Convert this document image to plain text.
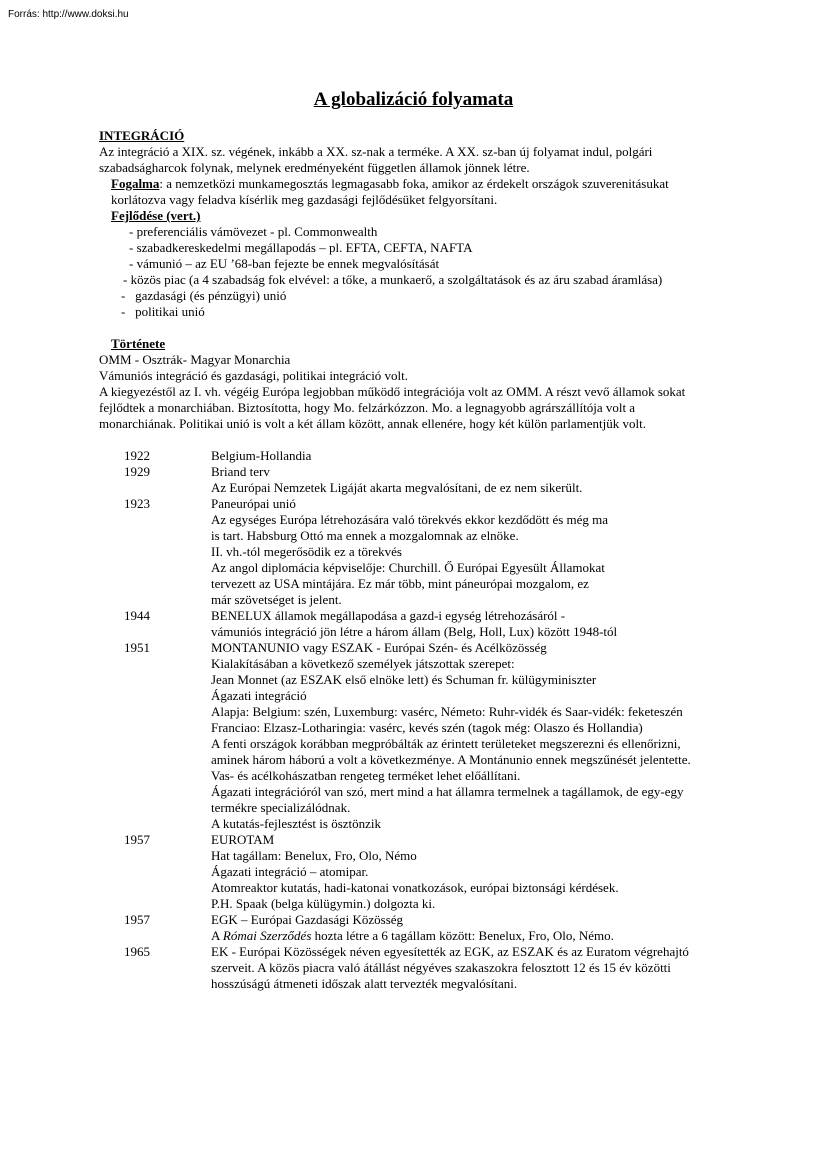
Forrás: http://www.doksi.hu
A globalizáció folyamata
INTEGRÁCIÓ
Az integráció a XIX. sz. végének, inkább a XX. sz-nak a terméke. A XX. sz-ban új folyamat indul, polgári
szabadságharcok folynak, melynek eredményeként független államok jönnek létre.
Fogalma: a nemzetközi munkamegosztás legmagasabb foka, amikor az érdekelt országok szuverenitásukat
korlátozva vagy feladva kísérlik meg gazdasági fejlődésüket felgyorsítani.
Fejlődése (vert.)
- preferenciális vámövezet - pl. Commonwealth
- szabadkereskedelmi megállapodás – pl. EFTA, CEFTA, NAFTA
- vámunió – az EU ’68-ban fejezte be ennek megvalósítását
- közös piac (a 4 szabadság fok elvével: a tőke, a munkaerő, a szolgáltatások és az áru szabad áramlása)
-   gazdasági (és pénzügyi) unió
-   politikai unió
Története
OMM - Osztrák- Magyar Monarchia
Vámuniós integráció és gazdasági, politikai integráció volt.
A kiegyezéstől az I. vh. végéig Európa legjobban működő integrációja volt az OMM. A részt vevő államok sokat
fejlődtek a monarchiában. Biztosította, hogy Mo. felzárkózzon. Mo. a legnagyobb agrárszállítója volt a
monarchiának. Politikai unió is volt a két állam között, annak ellenére, hogy két külön parlamentjük volt.
1922	Belgium-Hollandia
1929	Briand terv
Az Európai Nemzetek Ligáját akarta megvalósítani, de ez nem sikerült.
1923	Paneurópai unió
Az egységes Európa létrehozására való törekvés ekkor kezdődött és még ma
is tart. Habsburg Ottó ma ennek a mozgalomnak az elnöke.
II. vh.-tól megerősödik ez a törekvés
Az angol diplomácia képviselője: Churchill. Ő Európai Egyesült Államokat
tervezett az USA mintájára. Ez már több, mint páneurópai mozgalom, ez
már szövetséget is jelent.
1944	BENELUX államok megállapodása a gazd-i egység létrehozásáról -
vámuniós integráció jön létre a három állam (Belg, Holl, Lux) között 1948-tól
1951	MONTANUNIO vagy ESZAK - Európai Szén- és Acélközösség
Kialakításában a következő személyek játszottak szerepet:
Jean Monnet (az ESZAK első elnöke lett) és Schuman fr. külügyminiszter
Ágazati integráció
Alapja: Belgium: szén, Luxemburg: vasérc, Németo: Ruhr-vidék és Saar-vidék: feketeszén
Franciao: Elzasz-Lotharingia: vasérc, kevés szén (tagok még: Olaszo és Hollandia)
A fenti országok korábban megpróbálták az érintett területeket megszerezni és ellenőrizni,
aminek három háború a volt a következménye. A Montánunio ennek megszűnését jelentette.
Vas- és acélkohászatban rengeteg terméket lehet előállítani.
Ágazati integrációról van szó, mert mind a hat államra termelnek a tagállamok, de egy-egy
termékre specializálódnak.
A kutatás-fejlesztést is ösztönzik
1957	EUROTAM
Hat tagállam: Benelux, Fro, Olo, Némo
Ágazati integráció – atomipar.
Atomreaktor kutatás, hadi-katonai vonatkozások, európai biztonsági kérdések.
P.H. Spaak (belga külügymin.) dolgozta ki.
1957	EGK – Európai Gazdasági Közösség
A Római Szerződés hozta létre a 6 tagállam között: Benelux, Fro, Olo, Némo.
1965	EK - Európai Közösségek néven egyesítették az EGK, az ESZAK és az Euratom végrehajtó
szerveit. A közös piacra való átállást négyéves szakaszokra felosztott 12 és 15 év közötti
hosszúságú átmeneti időszak alatt tervezték megvalósítani.
